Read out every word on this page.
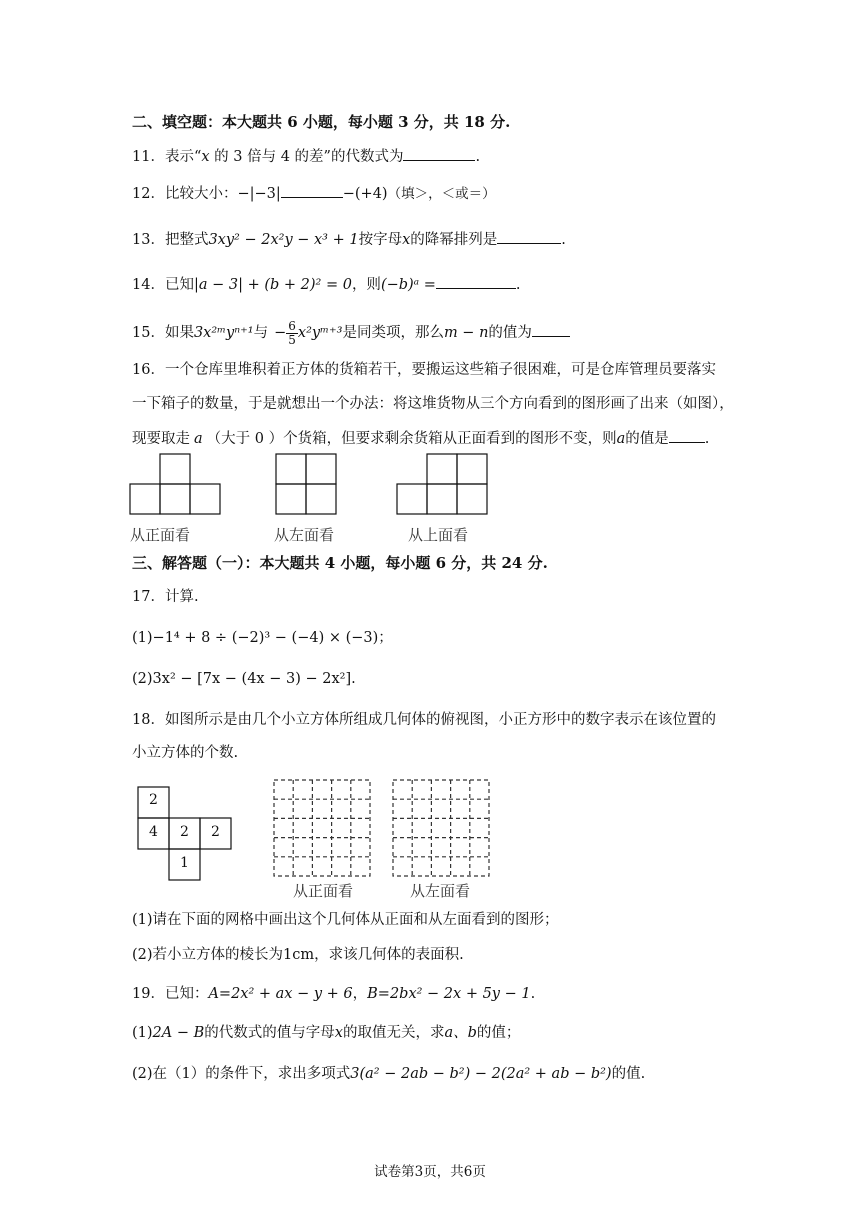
二、填空题：本大题共 6 小题，每小题 3 分，共 18 分.
11．表示“x 的 3 倍与 4 的差”的代数式为	.
12．比较大小：−|−3|	−(+4)（填＞，＜或＝）
13．把整式3xy² − 2x²y − x³ + 1按字母x的降幂排列是	.
14．已知|a − 3| + (b + 2)² = 0，则(−b)ᵃ =	.
15．如果3x²ᵐyⁿ⁺¹与 − $\frac{6}{5}$ x²yᵐ⁺³是同类项，那么m − n的值为
16．一个仓库里堆积着正方体的货箱若干，要搬运这些箱子很困难，可是仓库管理员要落实
一下箱子的数量，于是就想出一个办法：将这堆货物从三个方向看到的图形画了出来（如图），
现要取走 a （大于 0 ）个货箱，但要求剩余货箱从正面看到的图形不变，则a的值是 .
从正面看	从左面看	从上面看
三、解答题（一）：本大题共 4 小题，每小题 6 分，共 24 分.
17．计算.
(1)−1⁴ + 8 ÷ (−2)³ − (−4) × (−3)；
(2)3x² − [7x − (4x − 3) − 2x²].
18．如图所示是由几个小立方体所组成几何体的俯视图，小正方形中的数字表示在该位置的
小立方体的个数.
2
4	2	2
1
从正面看	从左面看
(1)请在下面的网格中画出这个几何体从正面和从左面看到的图形；
(2)若小立方体的棱长为1cm，求该几何体的表面积.
19．已知：A=2x² + ax − y + 6，B=2bx² − 2x + 5y − 1.
(1)2A − B的代数式的值与字母x的取值无关，求a、b的值；
(2)在（1）的条件下，求出多项式3(a² − 2ab − b²) − 2(2a² + ab − b²)的值.
试卷第3页，共6页
